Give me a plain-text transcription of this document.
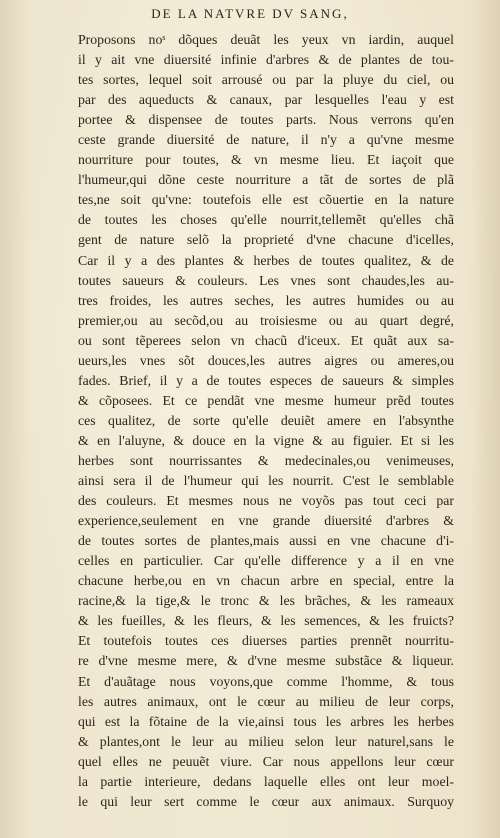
DE LA NATVRE DV SANG,
Proposons noˢ dõques deuãt les yeux vn iardin, auquel
il y ait vne diuersité infinie d'arbres & de plantes de tou-
tes sortes, lequel soit arrousé ou par la pluye du ciel, ou
par des aqueducts & canaux, par lesquelles l'eau y est
portee & dispensee de toutes parts. Nous verrons qu'en
ceste grande diuersité de nature, il n'y a qu'vne mesme
nourriture pour toutes, & vn mesme lieu. Et iaçoit que
l'humeur,qui dõne ceste nourriture a tãt de sortes de plã
tes,ne soit qu'vne: toutefois elle est cõuertie en la nature
de toutes les choses qu'elle nourrit,tellemẽt qu'elles chã
gent de nature selõ la proprieté d'vne chacune d'icelles,
Car il y a des plantes & herbes de toutes qualitez, & de
toutes saueurs & couleurs. Les vnes sont chaudes,les au-
tres froides, les autres seches, les autres humides ou au
premier,ou au secõd,ou au troisiesme ou au quart degré,
ou sont tẽperees selon vn chacũ d'iceux. Et quãt aux sa-
ueurs,les vnes sõt douces,les autres aigres ou ameres,ou
fades. Brief, il y a de toutes especes de saueurs & simples
& cõposees. Et ce pendãt vne mesme humeur prẽd toutes
ces qualitez, de sorte qu'elle deuiẽt amere en l'absynthe
& en l'aluyne, & douce en la vigne & au figuier. Et si les
herbes sont nourrissantes & medecinales,ou venimeuses,
ainsi sera il de l'humeur qui les nourrit. C'est le semblable
des couleurs. Et mesmes nous ne voyõs pas tout ceci par
experience,seulement en vne grande diuersité d'arbres &
de toutes sortes de plantes,mais aussi en vne chacune d'i-
celles en particulier. Car qu'elle difference y a il en vne
chacune herbe,ou en vn chacun arbre en special, entre la
racine,& la tige,& le tronc & les brãches, & les rameaux
& les fueilles, & les fleurs, & les semences, & les fruicts?
Et toutefois toutes ces diuerses parties prennẽt nourritu-
re d'vne mesme mere, & d'vne mesme substãce & liqueur.
Et d'auãtage nous voyons,que comme l'homme, & tous
les autres animaux, ont le cœur au milieu de leur corps,
qui est la fõtaine de la vie,ainsi tous les arbres les herbes
& plantes,ont le leur au milieu selon leur naturel,sans le
quel elles ne peuuẽt viure. Car nous appellons leur cœur
la partie interieure, dedans laquelle elles ont leur moel-
le qui leur sert comme le cœur aux animaux. Surquoy
